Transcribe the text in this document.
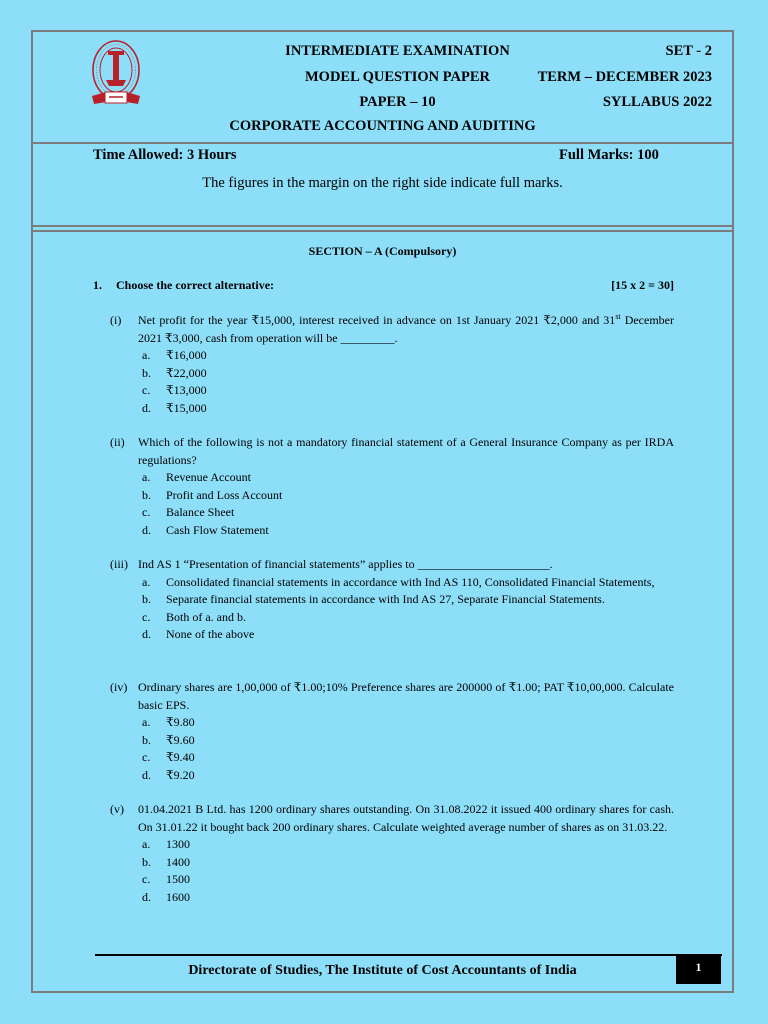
INTERMEDIATE EXAMINATION
MODEL QUESTION PAPER
PAPER – 10
CORPORATE ACCOUNTING AND AUDITING
SET - 2
TERM – DECEMBER 2023
SYLLABUS 2022
Time Allowed: 3 Hours	Full Marks: 100
The figures in the margin on the right side indicate full marks.
SECTION – A (Compulsory)
1. Choose the correct alternative:	[15 x 2 = 30]
(i) Net profit for the year ₹15,000, interest received in advance on 1st January 2021 ₹2,000 and 31st December 2021 ₹3,000, cash from operation will be _________.
a. ₹16,000
b. ₹22,000
c. ₹13,000
d. ₹15,000
(ii) Which of the following is not a mandatory financial statement of a General Insurance Company as per IRDA regulations?
a. Revenue Account
b. Profit and Loss Account
c. Balance Sheet
d. Cash Flow Statement
(iii) Ind AS 1 “Presentation of financial statements” applies to ______________________.
a. Consolidated financial statements in accordance with Ind AS 110, Consolidated Financial Statements,
b. Separate financial statements in accordance with Ind AS 27, Separate Financial Statements.
c. Both of a. and b.
d. None of the above
(iv) Ordinary shares are 1,00,000 of ₹1.00;10% Preference shares are 200000 of ₹1.00; PAT ₹10,00,000. Calculate basic EPS.
a. ₹9.80
b. ₹9.60
c. ₹9.40
d. ₹9.20
(v) 01.04.2021 B Ltd. has 1200 ordinary shares outstanding. On 31.08.2022 it issued 400 ordinary shares for cash. On 31.01.22 it bought back 200 ordinary shares. Calculate weighted average number of shares as on 31.03.22.
a. 1300
b. 1400
c. 1500
d. 1600
Directorate of Studies, The Institute of Cost Accountants of India	1
